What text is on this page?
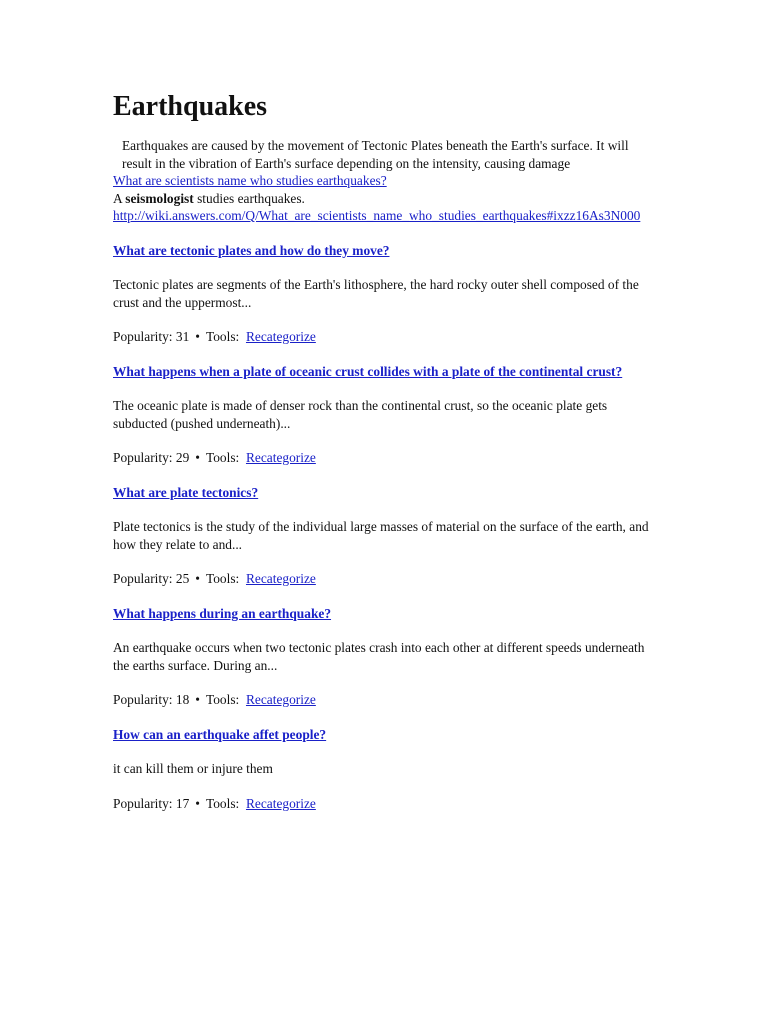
Earthquakes
Earthquakes are caused by the movement of Tectonic Plates beneath the Earth's surface. It will result in the vibration of Earth's surface depending on the intensity, causing damage
What are scientists name who studies earthquakes?
A seismologist studies earthquakes.
http://wiki.answers.com/Q/What_are_scientists_name_who_studies_earthquakes#ixzz16As3N000
What are tectonic plates and how do they move?
Tectonic plates are segments of the Earth's lithosphere, the hard rocky outer shell composed of the crust and the uppermost...
Popularity: 31 • Tools: Recategorize
What happens when a plate of oceanic crust collides with a plate of the continental crust?
The oceanic plate is made of denser rock than the continental crust, so the oceanic plate gets subducted (pushed underneath)...
Popularity: 29 • Tools: Recategorize
What are plate tectonics?
Plate tectonics is the study of the individual large masses of material on the surface of the earth, and how they relate to and...
Popularity: 25 • Tools: Recategorize
What happens during an earthquake?
An earthquake occurs when two tectonic plates crash into each other at different speeds underneath the earths surface. During an...
Popularity: 18 • Tools: Recategorize
How can an earthquake affet people?
it can kill them or injure them
Popularity: 17 • Tools: Recategorize
